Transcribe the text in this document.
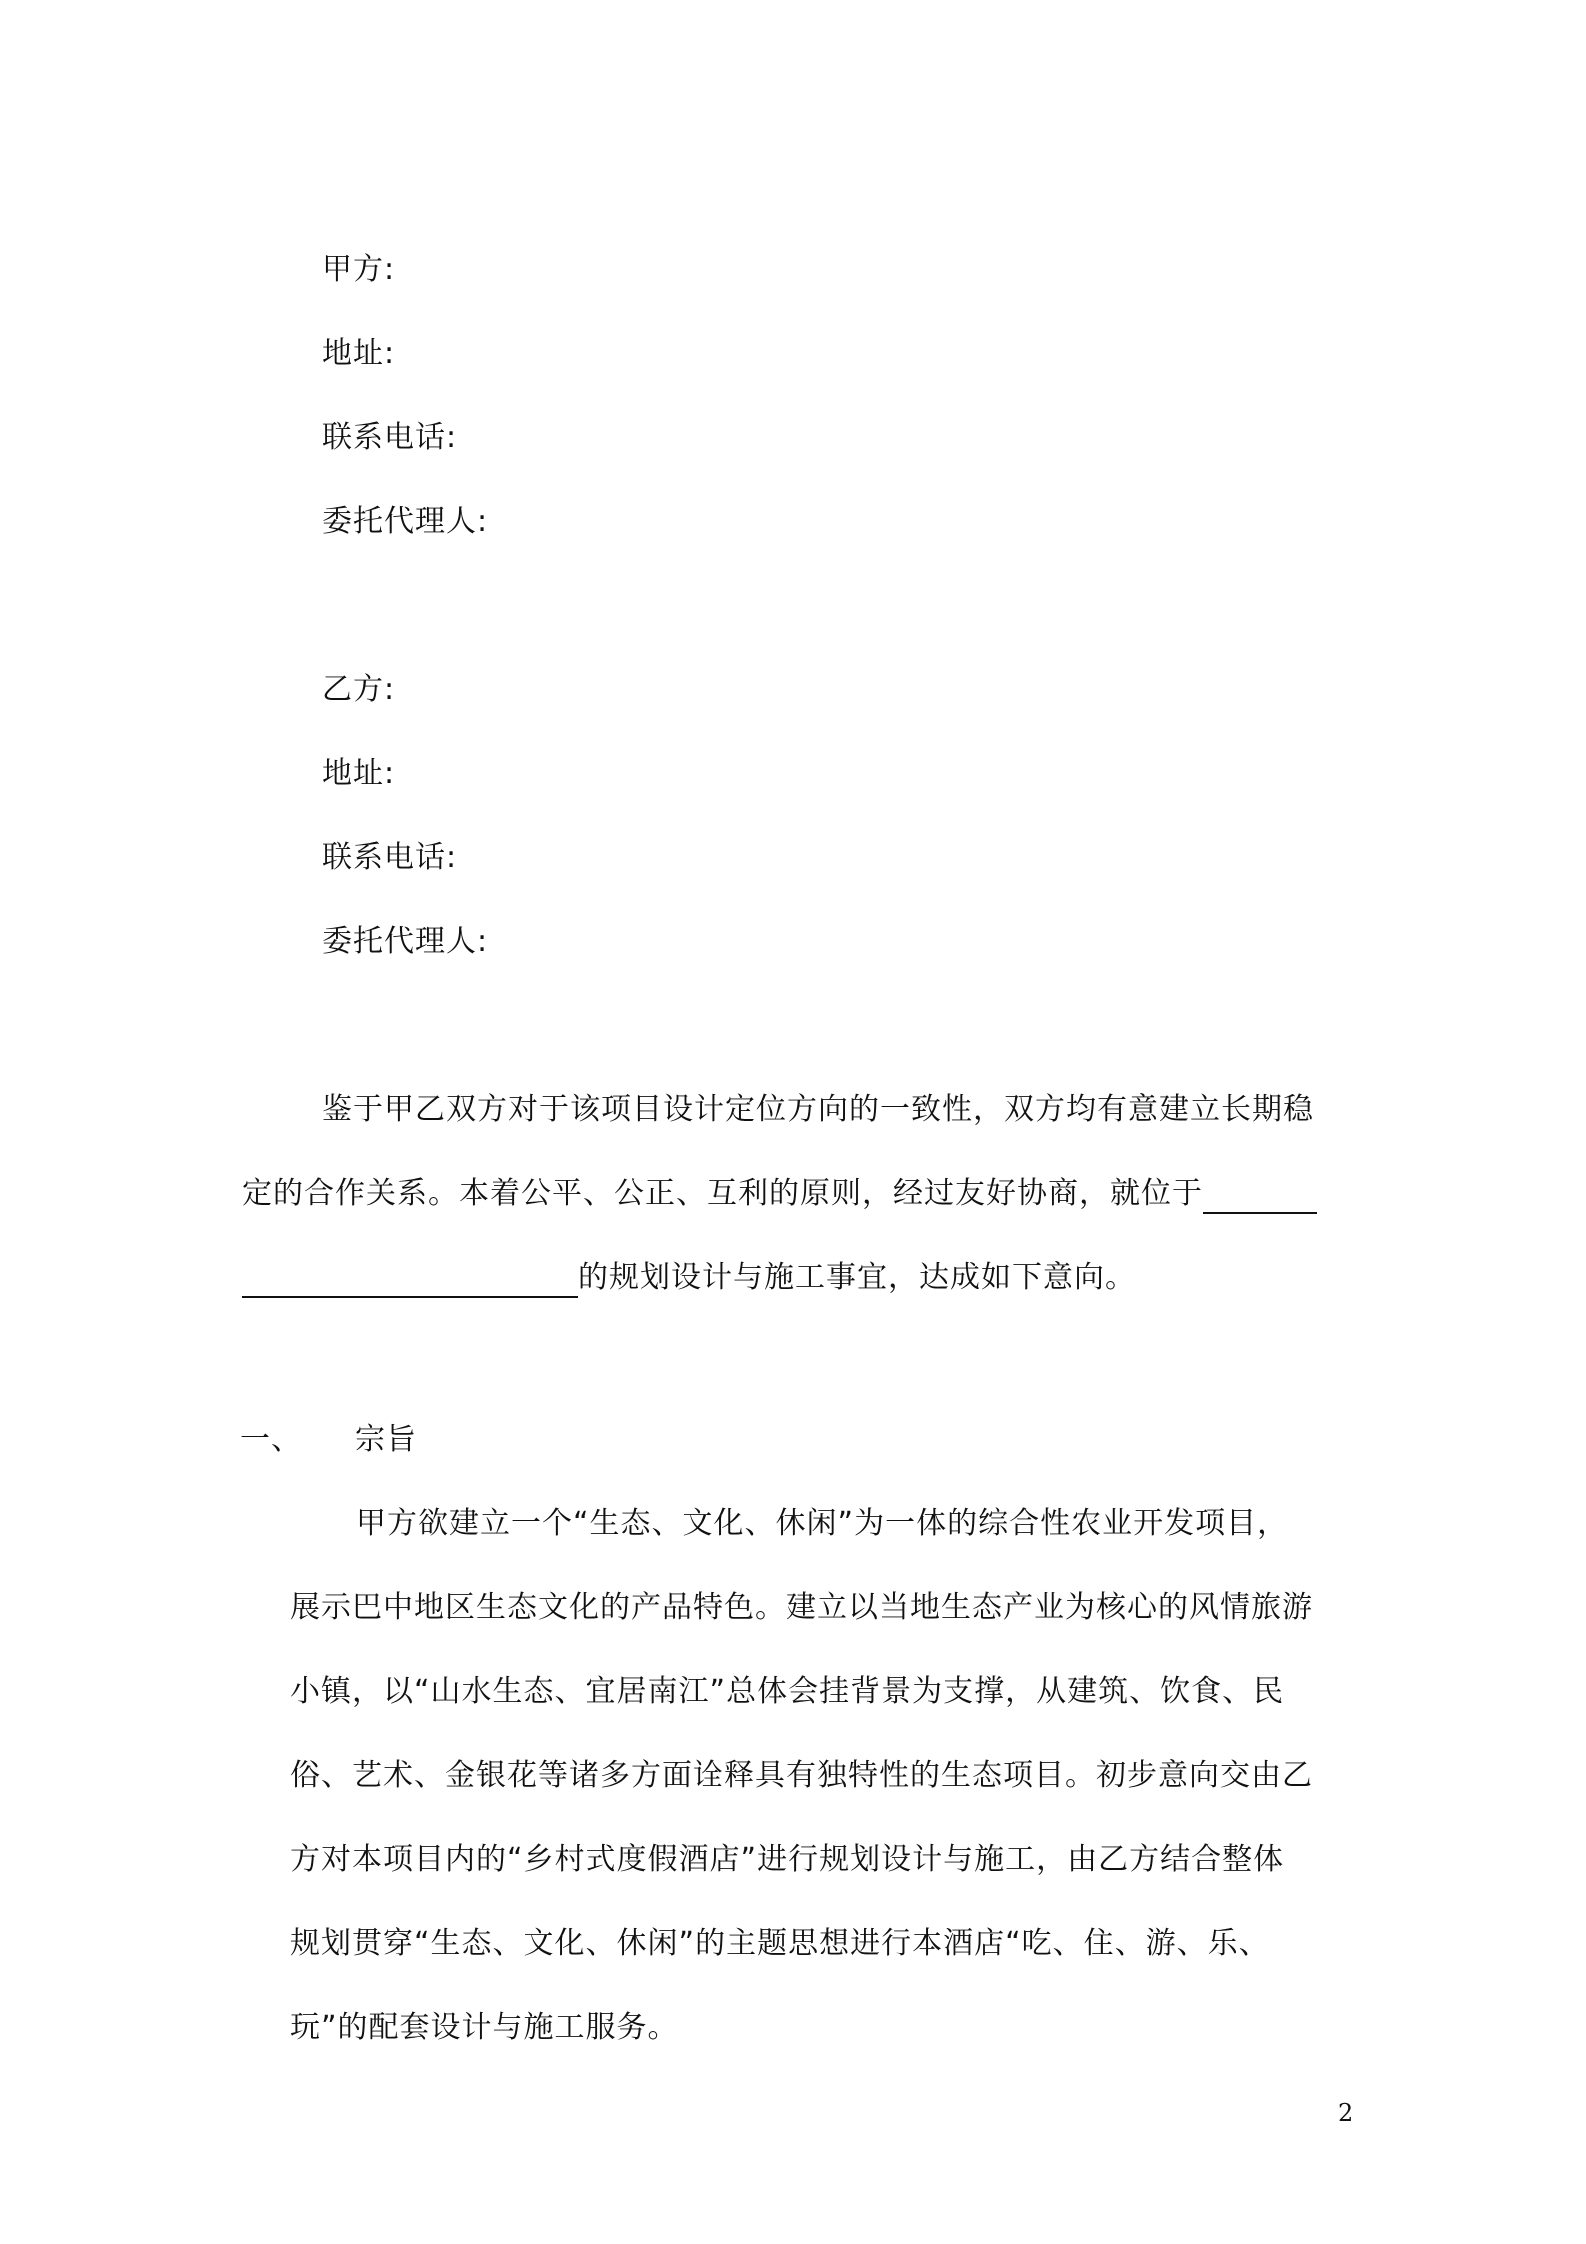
甲方:
地址:
联系电话:
委托代理人:
乙方:
地址:
联系电话:
委托代理人:
鉴于甲乙双方对于该项目设计定位方向的一致性，双方均有意建立长期稳
定的合作关系。本着公平、公正、互利的原则，经过友好协商，就位于
的规划设计与施工事宜，达成如下意向。
一、 宗旨
甲方欲建立一个“生态、文化、休闲”为一体的综合性农业开发项目，
展示巴中地区生态文化的产品特色。建立以当地生态产业为核心的风情旅游
小镇，以“山水生态、宜居南江”总体会挂背景为支撑，从建筑、饮食、民
俗、艺术、金银花等诸多方面诠释具有独特性的生态项目。初步意向交由乙
方对本项目内的“乡村式度假酒店”进行规划设计与施工，由乙方结合整体
规划贯穿“生态、文化、休闲”的主题思想进行本酒店“吃、住、游、乐、
玩”的配套设计与施工服务。
2
